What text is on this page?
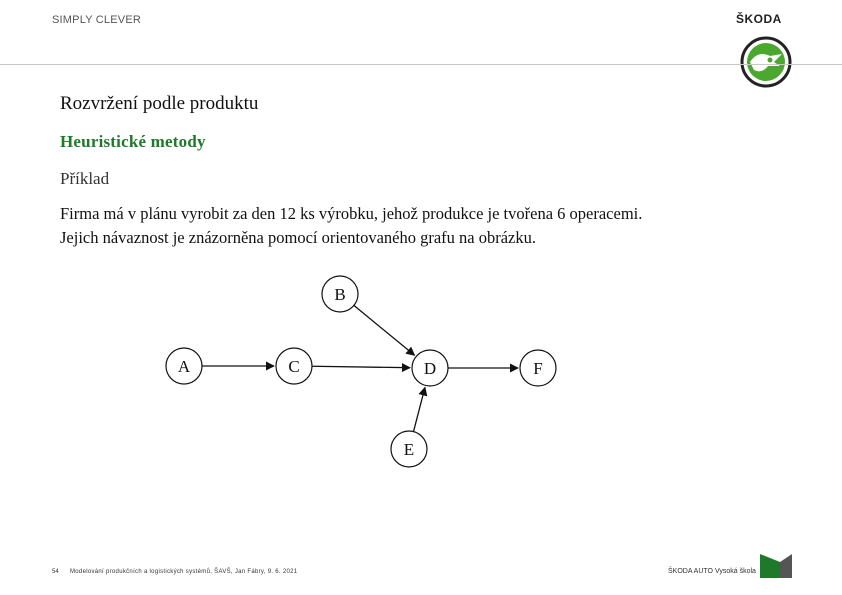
SIMPLY CLEVER	ŠKODA
Rozvržení podle produktu
Heuristické metody
Příklad
Firma má v plánu vyrobit za den 12 ks výrobku, jehož produkce je tvořena 6 operacemi.
Jejich návaznost je znázorněna pomocí orientovaného grafu na obrázku.
A
B
C	D
E
F
54 Modelování produkčních a logistických systémů, ŠAVŠ, Jan Fábry, 9. 6. 2021	ŠKODA AUTO Vysoká škola
